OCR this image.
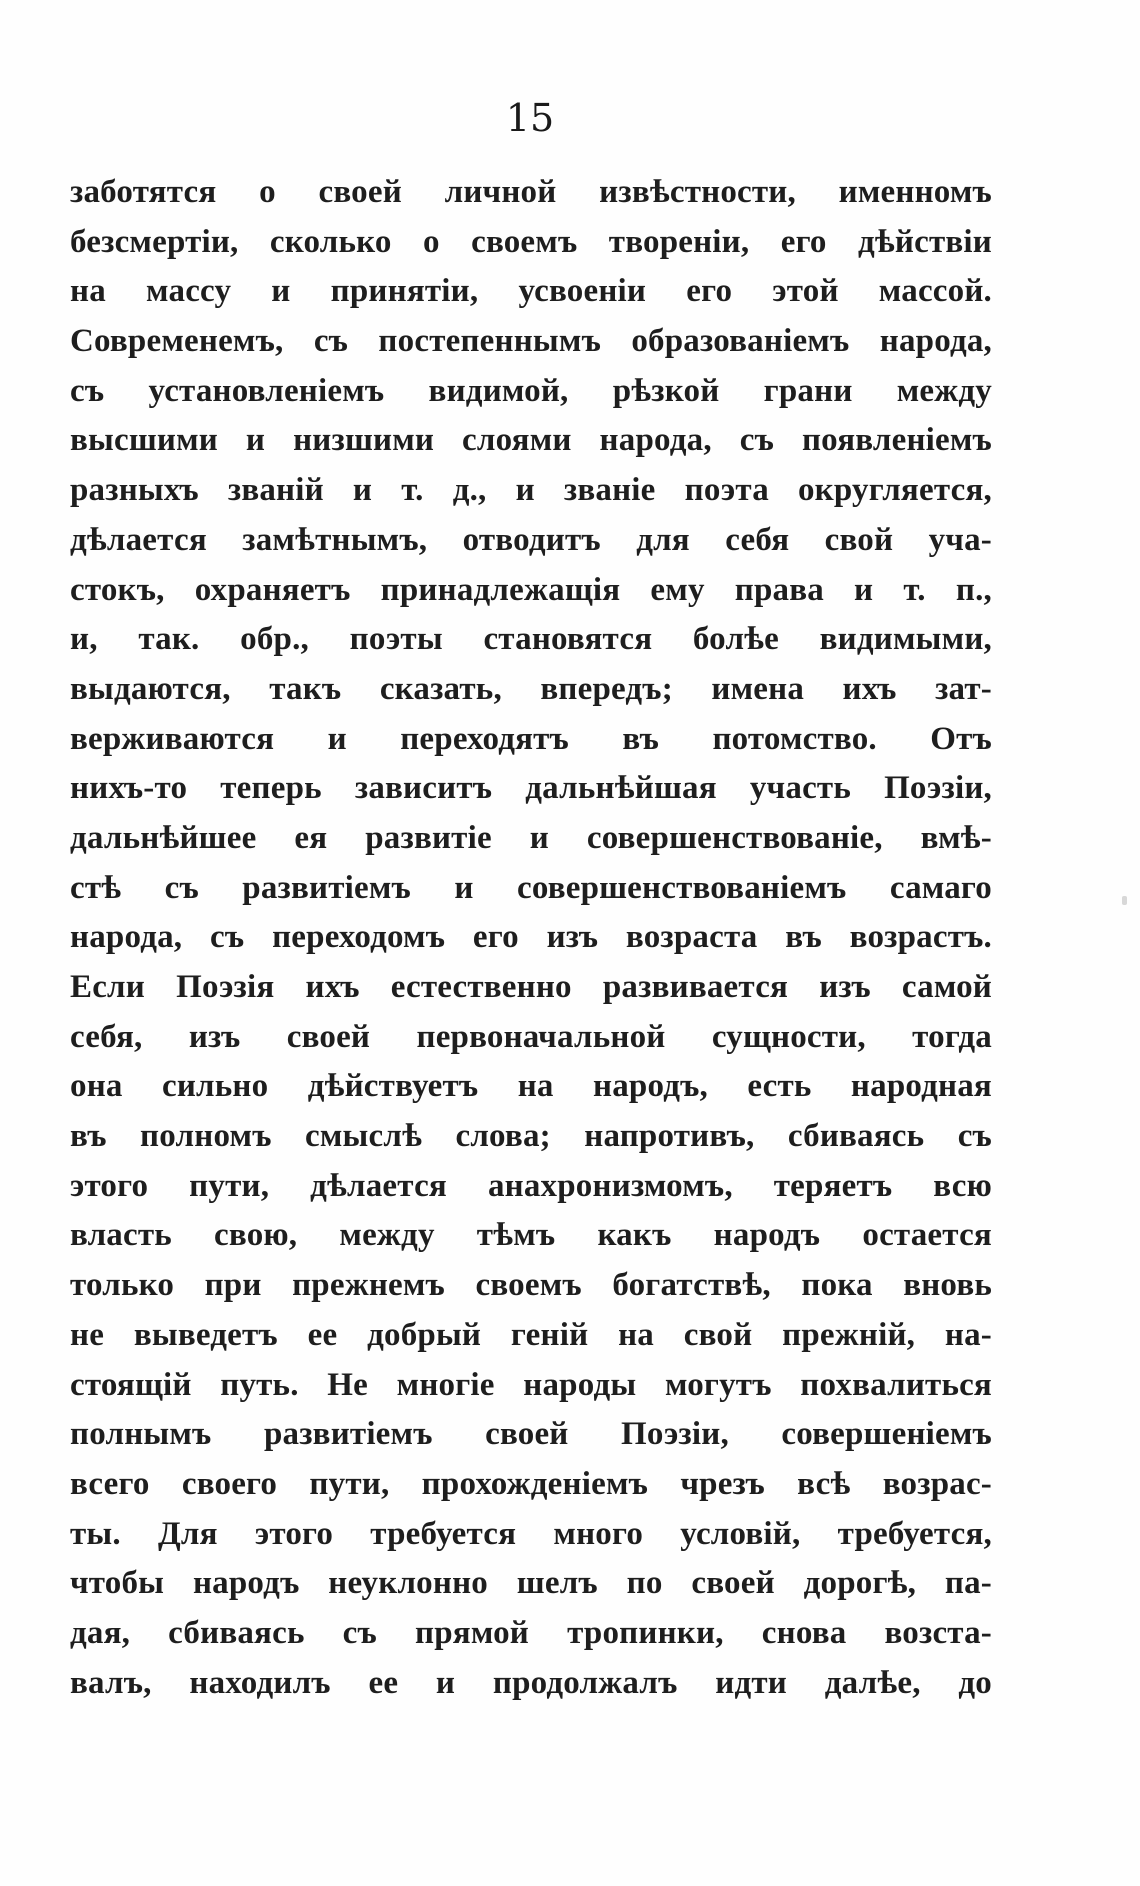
15
заботятся о своей личной извѣстности, именномъ
безсмертіи, сколько о своемъ твореніи, его дѣйствіи
на массу и принятіи, усвоеніи его этой массой.
Современемъ, съ постепеннымъ образованіемъ народа,
съ установленіемъ видимой, рѣзкой грани между
высшими и низшими слоями народа, съ появленіемъ
разныхъ званій и т. д., и званіе поэта округляется,
дѣлается замѣтнымъ, отводитъ для себя свой уча-
стокъ, охраняетъ принадлежащія ему права и т. п.,
и, так. обр., поэты становятся болѣе видимыми,
выдаются, такъ сказать, впередъ; имена ихъ зат-
верживаются и переходятъ въ потомство. Отъ
нихъ-то теперь зависитъ дальнѣйшая участь Поэзіи,
дальнѣйшее ея развитіе и совершенствованіе, вмѣ-
стѣ съ развитіемъ и совершенствованіемъ самаго
народа, съ переходомъ его изъ возраста въ возрастъ.
Если Поэзія ихъ естественно развивается изъ самой
себя, изъ своей первоначальной сущности, тогда
она сильно дѣйствуетъ на народъ, есть народная
въ полномъ смыслѣ слова; напротивъ, сбиваясь съ
этого пути, дѣлается анахронизмомъ, теряетъ всю
власть свою, между тѣмъ какъ народъ остается
только при прежнемъ своемъ богатствѣ, пока вновь
не выведетъ ее добрый геній на свой прежній, на-
стоящій путь. Не многіе народы могутъ похвалиться
полнымъ развитіемъ своей Поэзіи, совершеніемъ
всего своего пути, прохожденіемъ чрезъ всѣ возрас-
ты. Для этого требуется много условій, требуется,
чтобы народъ неуклонно шелъ по своей дорогѣ, па-
дая, сбиваясь съ прямой тропинки, снова возста-
валъ, находилъ ее и продолжалъ идти далѣе, до
